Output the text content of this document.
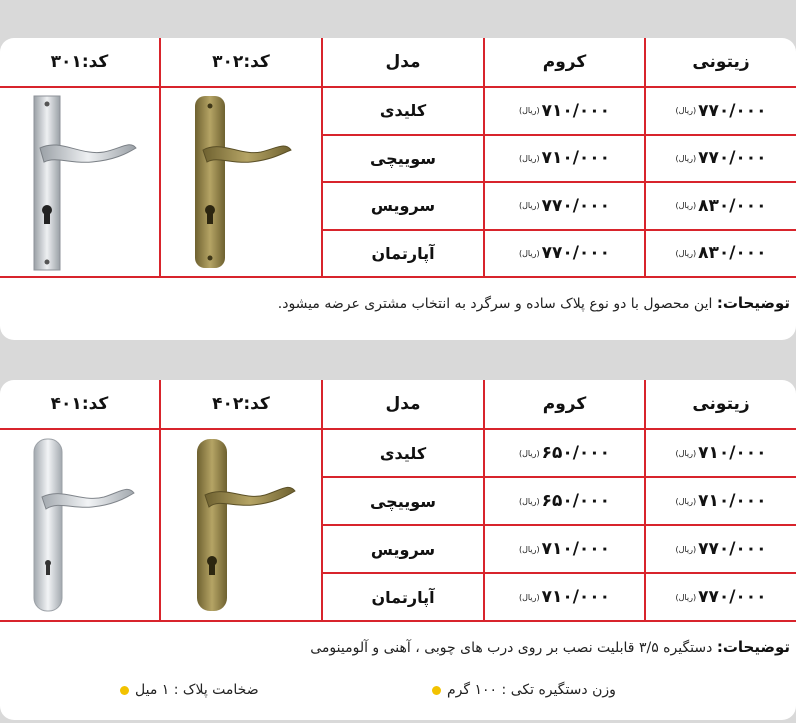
زیتونی
کروم
مدل
کد:۳۰۲
کد:۳۰۱
(ریال) ۷۷۰/۰۰۰
(ریال) ۷۱۰/۰۰۰
کلیدی
(ریال) ۷۷۰/۰۰۰
(ریال) ۷۱۰/۰۰۰
سوییچی
(ریال) ۸۳۰/۰۰۰
(ریال) ۷۷۰/۰۰۰
سرویس
(ریال) ۸۳۰/۰۰۰
(ریال) ۷۷۰/۰۰۰
آپارتمان
توضیحات: این محصول با دو نوع پلاک ساده و سرگرد به انتخاب مشتری عرضه میشود.
زیتونی
کروم
مدل
کد:۴۰۲
کد:۴۰۱
(ریال) ۷۱۰/۰۰۰
(ریال) ۶۵۰/۰۰۰
کلیدی
(ریال) ۷۱۰/۰۰۰
(ریال) ۶۵۰/۰۰۰
سوییچی
(ریال) ۷۷۰/۰۰۰
(ریال) ۷۱۰/۰۰۰
سرویس
(ریال) ۷۷۰/۰۰۰
(ریال) ۷۱۰/۰۰۰
آپارتمان
توضیحات: دستگیره ۳/۵ قابلیت نصب بر روی درب های چوبی ، آهنی و آلومینومی
وزن دستگیره تکی : ۱۰۰ گرم
ضخامت پلاک : ۱ میل
